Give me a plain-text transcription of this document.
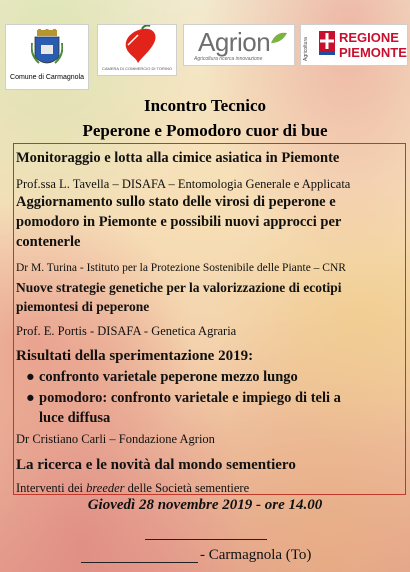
Comune di Carmagnola
CAMERA DI COMMERCIO DI TORINO
Agrion
Agricoltura ricerca innovazione	Agricoltura	REGIONE
PIEMONTE
Incontro Tecnico
Peperone e Pomodoro cuor di bue
Monitoraggio e lotta alla cimice asiatica in Piemonte
Prof.ssa L. Tavella – DISAFA – Entomologia Generale e Applicata
Aggiornamento sullo stato delle virosi di peperone e
pomodoro in Piemonte e possibili nuovi approcci per
contenerle
Dr M. Turina - Istituto per la Protezione Sostenibile delle Piante – CNR
Nuove strategie genetiche per la valorizzazione di ecotipi
piemontesi di peperone
Prof. E. Portis - DISAFA - Genetica Agraria
Risultati della sperimentazione 2019:
● confronto varietale peperone mezzo lungo
● pomodoro: confronto varietale e impiego di teli a
luce diffusa
Dr Cristiano Carli – Fondazione Agrion
La ricerca e le novità dal mondo sementiero
Interventi dei breeder delle Società sementiere
Giovedì 28 novembre 2019 - ore 14.00
- Carmagnola (To)
